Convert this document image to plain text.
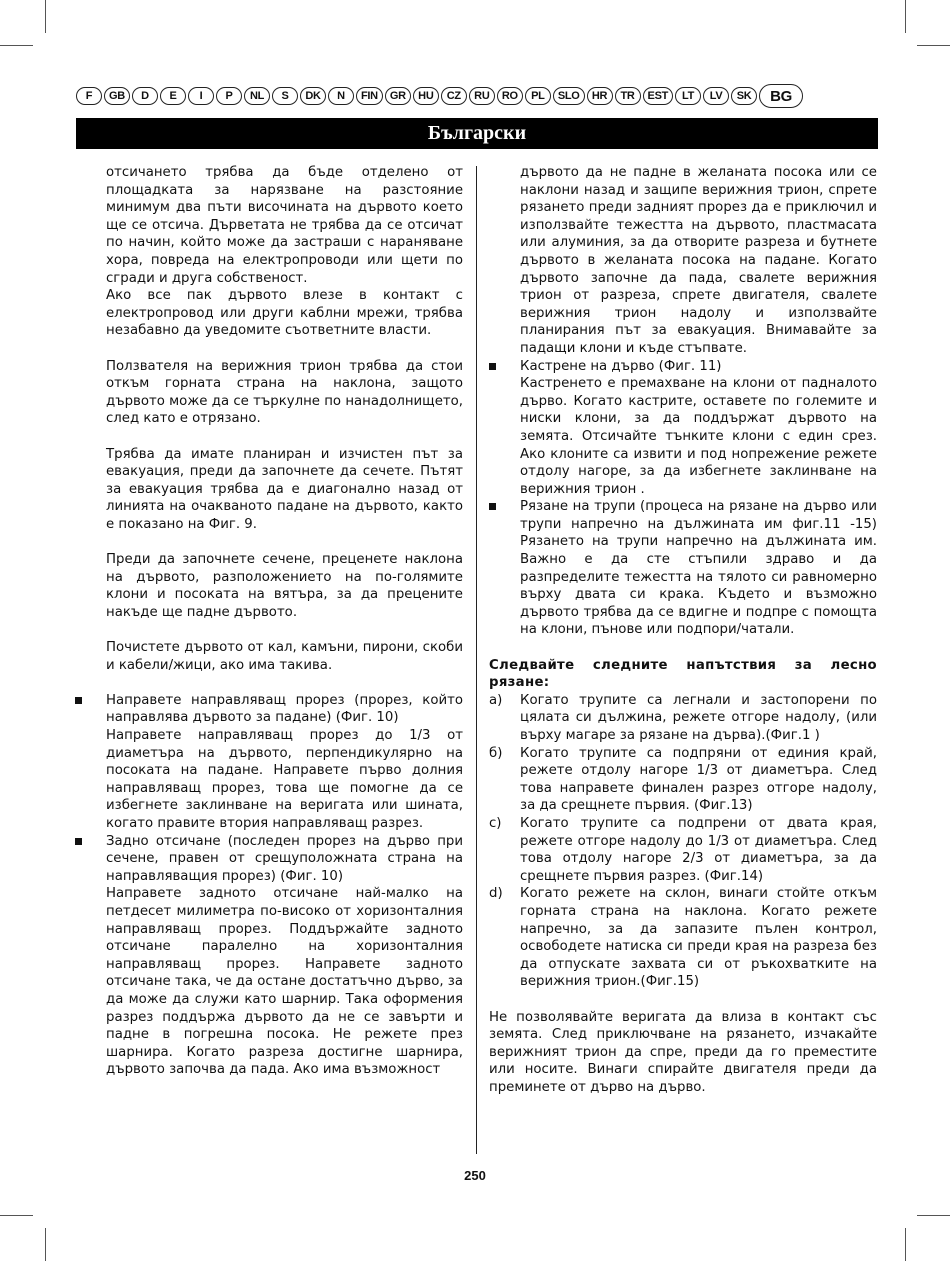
F	GB	D	E	I	P	NL	S	DK	N	FIN	GR	HU	CZ	RU	RO	PL	SLO	HR	TR	EST	LT	LV	SK	BG
Български

отсичането трябва да бъде отделено от площадката за нарязване на разстояние минимум два пъти височината на дървото което ще се отсича. Дърветата не трябва да се отсичат по начин, който може да застраши с нараняване хора, повреда на електропроводи или щети по сгради и друга собственост.

Ако все пак дървото влезе в контакт с електропровод или други каблни мрежи, трябва незабавно да уведомите съответните власти.

Ползвателя на верижния трион трябва да стои откъм горната страна на наклона, защото дървото може да се търкулне по нанадолнището, след като е отрязано.

Трябва да имате планиран и изчистен път за евакуация, преди да започнете да сечете. Пътят за евакуация трябва да е диагонално назад от линията на очакваното падане на дървото, както е показано на Фиг. 9.

Преди да започнете сечене, преценете наклона на дървото, разположението на по-голямите клони и посоката на вятъра, за да прецените накъде ще падне дървото.

Почистете дървото от кал, камъни, пирони, скоби и кабели/жици, ако има такива.

Направете направляващ прорез (прорез, който направлява дървото за падане) (Фиг. 10)

Направете направляващ прорез до 1/3 от диаметъра на дървото, перпендикулярно на посоката на падане. Направете първо долния направляващ прорез, това ще помогне да се избегнете заклинване на веригата или шината, когато правите втория направляващ разрез.

Задно отсичане (последен прорез на дърво при сечене, правен от срещуположната страна на направляващия прорез) (Фиг. 10)

Направете задното отсичане най-малко на петдесет милиметра по-високо от хоризонталния направляващ прорез. Поддържайте задното отсичане паралелно на хоризонталния направляващ прорез. Направете задното отсичане така, че да остане достатъчно дърво, за да може да служи като шарнир. Така оформения разрез поддържа дървото да не се завърти и падне в погрешна посока. Не режете през шарнира. Когато разреза достигне шарнира, дървото започва да пада. Ако има възможност

дървото да не падне в желаната посока или се наклони назад и защипе верижния трион, спрете рязането преди задният прорез да е приключил и използвайте тежестта на дървото, пластмасата или алуминия, за да отворите разреза и бутнете дървото в желаната посока на падане. Когато дървото започне да пада, свалете верижния трион от разреза, спрете двигателя, свалете верижния трион надолу и използвайте планирания път за евакуация. Внимавайте за падащи клони и къде стъпвате.

Кастрене на дърво (Фиг. 11)

Кастренето е премахване на клони от падналото дърво. Когато кастрите, оставете по големите и ниски клони, за да поддържат дървото на земята. Отсичайте тънките клони с един срез. Ако клоните са извити и под нопрежение режете отдолу нагоре, за да избегнете заклинване на верижния трион .

Рязане на трупи (процеса на рязане на дърво или трупи напречно на дължината им фиг.11 -15) Рязането на трупи напречно на дължината им. Важно е да сте стъпили здраво и да разпределите тежестта на тялото си равномерно върху двата си крака. Където и възможно дървото трябва да се вдигне и подпре с помощта на клони, пънове или подпори/чатали.

Следвайте следните напътствия за лесно рязане:

a) Когато трупите са легнали и застопорени по цялата си дължина, режете отгоре надолу, (или върху магаре за рязане на дърва).(Фиг.1 )

б) Когато трупите са подпряни от единия край, режете отдолу нагоре 1/3 от диаметъра. След това направете финален разрез отгоре надолу, за да срещнете първия. (Фиг.13)

c) Когато трупите са подпрени от двата края, режете отгоре надолу до 1/3 от диаметъра. След това отдолу нагоре 2/3 от диаметъра, за да срещнете първия разрез. (Фиг.14)

d) Когато режете на склон, винаги стойте откъм горната страна на наклона. Когато режете напречно, за да запазите пълен контрол, освободете натиска си преди края на разреза без да отпускате захвата си от ръкохватките на верижния трион.(Фиг.15)

Не позволявайте веригата да влиза в контакт със земята. След приключване на рязането, изчакайте верижният трион да спре, преди да го преместите или носите. Винаги спирайте двигателя преди да преминете от дърво на дърво.

250
